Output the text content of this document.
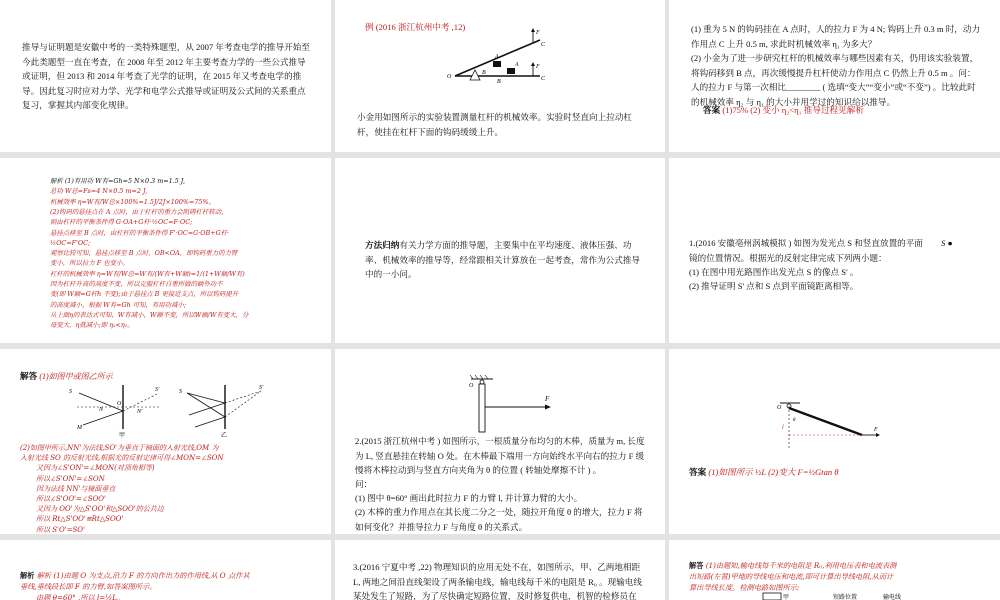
推导与证明题是安徽中考的一类特殊题型，从 2007 年考查电学的推导开始至今此类题型一直在考查，在 2008 年至 2012 年主要考查力学的一些公式推导或证明，但 2013 和 2014 年考查了光学的证明，在 2015 年又考查电学的推导。因此复习时应对力学、光学和电学公式推导或证明及公式间的关系重点复习，掌握其内部变化规律。
例 (2016 浙江杭州中考 ,12)
F
C
A
B
O
A
B
F
C
小金用如图所示的实验装置测量杠杆的机械效率。实验时竖直向上拉动杠杆，使挂在杠杆下面的钩码缓缓上升。
(1) 重为 5 N 的钩码挂在 A 点时，人的拉力 F 为 4 N; 钩码上升 0.3 m 时，动力作用点 C 上升 0.5 m, 求此时机械效率 η₁ 为多大？
(2) 小金为了进一步研究杠杆的机械效率与哪些因素有关，仍用该实验装置，将钩码移到 B 点，再次缓慢提升杠杆使动力作用点 C 仍然上升 0.5 m 。问：人的拉力 F 与第一次相比________ ( 选填“变大”“变小”或“不变”) 。比较此时的机械效率 η₂ 与 η₁ 的大小并用学过的知识给以推导。
答案 (1)75% (2) 变小 η₂<η₁ 推导过程见解析
解析 (1)有用功 W有=Gh=5 N×0.3 m=1.5 J,
总功 W总=Fs=4 N×0.5 m=2 J,
机械效率 η=W有/W总×100%=1.5J/2J×100%=75%。
(2)钩码的悬挂点在 A 点时，由于杠杆的重力会阻碍杠杆转动，
则由杠杆的平衡条件得 G·OA+G杆·½OC=F·OC;
悬挂点移至 B 点时，由杠杆的平衡条件得 F'·OC=G·OB+G杆·
½OC=F'OC;
观察比较可知，悬挂点移至 B 点时，OB<OA，即钩码重力的力臂
变小，所以拉力 F 也变小。
杠杆的机械效率 η=W有/W总=W有/(W有+W额)=1/(1+W额/W有)
因为杠杆升高的高度不变，所以克服杠杆自重所做的额外功不
变(即 W额=G杆h 不变);由于悬挂点 B 更接近支点，所以钩码提升
的高度减小，根据 W有=Gh 可知，有用功减小;
从上面η的表达式可知，W有减小，W额不变，所以W额/W有变大，分
母变大，η就减小;即 η₂<η₁。
方法归纳有关力学方面的推导题，主要集中在平均速度、液体压强、功率、机械效率的推导等，经常跟相关计算放在一起考查，常作为公式推导中的一小问。
1.(2016 安徽亳州涡城模拟 ) 如图为发光点 S 和竖直放置的平面镜的位置情况。根据光的反射定律完成下列两小题：
(1) 在图中用光路图作出发光点 S 的像点 S' 。
(2) 推导证明 S' 点和 S 点到平面镜距离相等。
S ●
解答 (1)如图甲或图乙所示
S	S'
N
M
N'
O
甲
S
S'
乙
(2)如图甲所示,NN'为法线,SO'为垂直于镜面的入射光线,OM 为
入射光线 SO 的反射光线,根据光的反射定律可得∠MON=∠SON
又因为∠S'ON'=∠MON(对顶角相等)
所以∠S'ON'=∠SON
因为法线 NN'与镜面垂直
所以∠S'OO'=∠SOO'
又因为 OO'为△S'OO'和△SOO'的公共边
所以 Rt△S'OO'≌Rt△SOO'
所以 S'O'=SO'
O
F
2.(2015 浙江杭州中考 ) 如图所示，一根质量分布均匀的木棒，质量为 m, 长度为 L, 竖直悬挂在转轴 O 处。在木棒最下端用一方向始终水平向右的拉力 F 缓慢将木棒拉动到与竖直方向夹角为 θ 的位置 ( 转轴处摩擦不计 ) 。
问：
(1) 图中 θ=60° 画出此时拉力 F 的力臂 l, 并计算力臂的大小。
(2) 木棒的重力作用点在其长度二分之一处，随拉开角度 θ 的增大，拉力 F 将如何变化？并推导拉力 F 与角度 θ 的关系式。
O
l	F
θ
答案 (1)如图所示 ½L (2)变大 F=½Gtan θ
解析 解析 (1)由题 O 为支点,沿力 F 的方向作出力的作用线,从 O 点作其
垂线,垂线段长即 F 的力臂,如答案图所示。
由题 θ=60° ,所以 l=½L。
3.(2016 宁夏中考 ,22) 物理知识的应用无处不在，如图所示，甲、乙两地相距 L, 两地之间沿直线架设了两条输电线，输电线每千米的电阻是 R₀ 。现输电线某处发生了短路，为了尽快确定短路位置，及时修复供电，机智的检修员在
解答 (1)由题知,输电线每千米的电阻是 R₀,利用电压表和电流表测
出短路(左置)甲地的导线电压和电流,即可计算出导线电阻,从而计
算出导线长度。检测电路如图所示:
甲	短路位置	输电线
